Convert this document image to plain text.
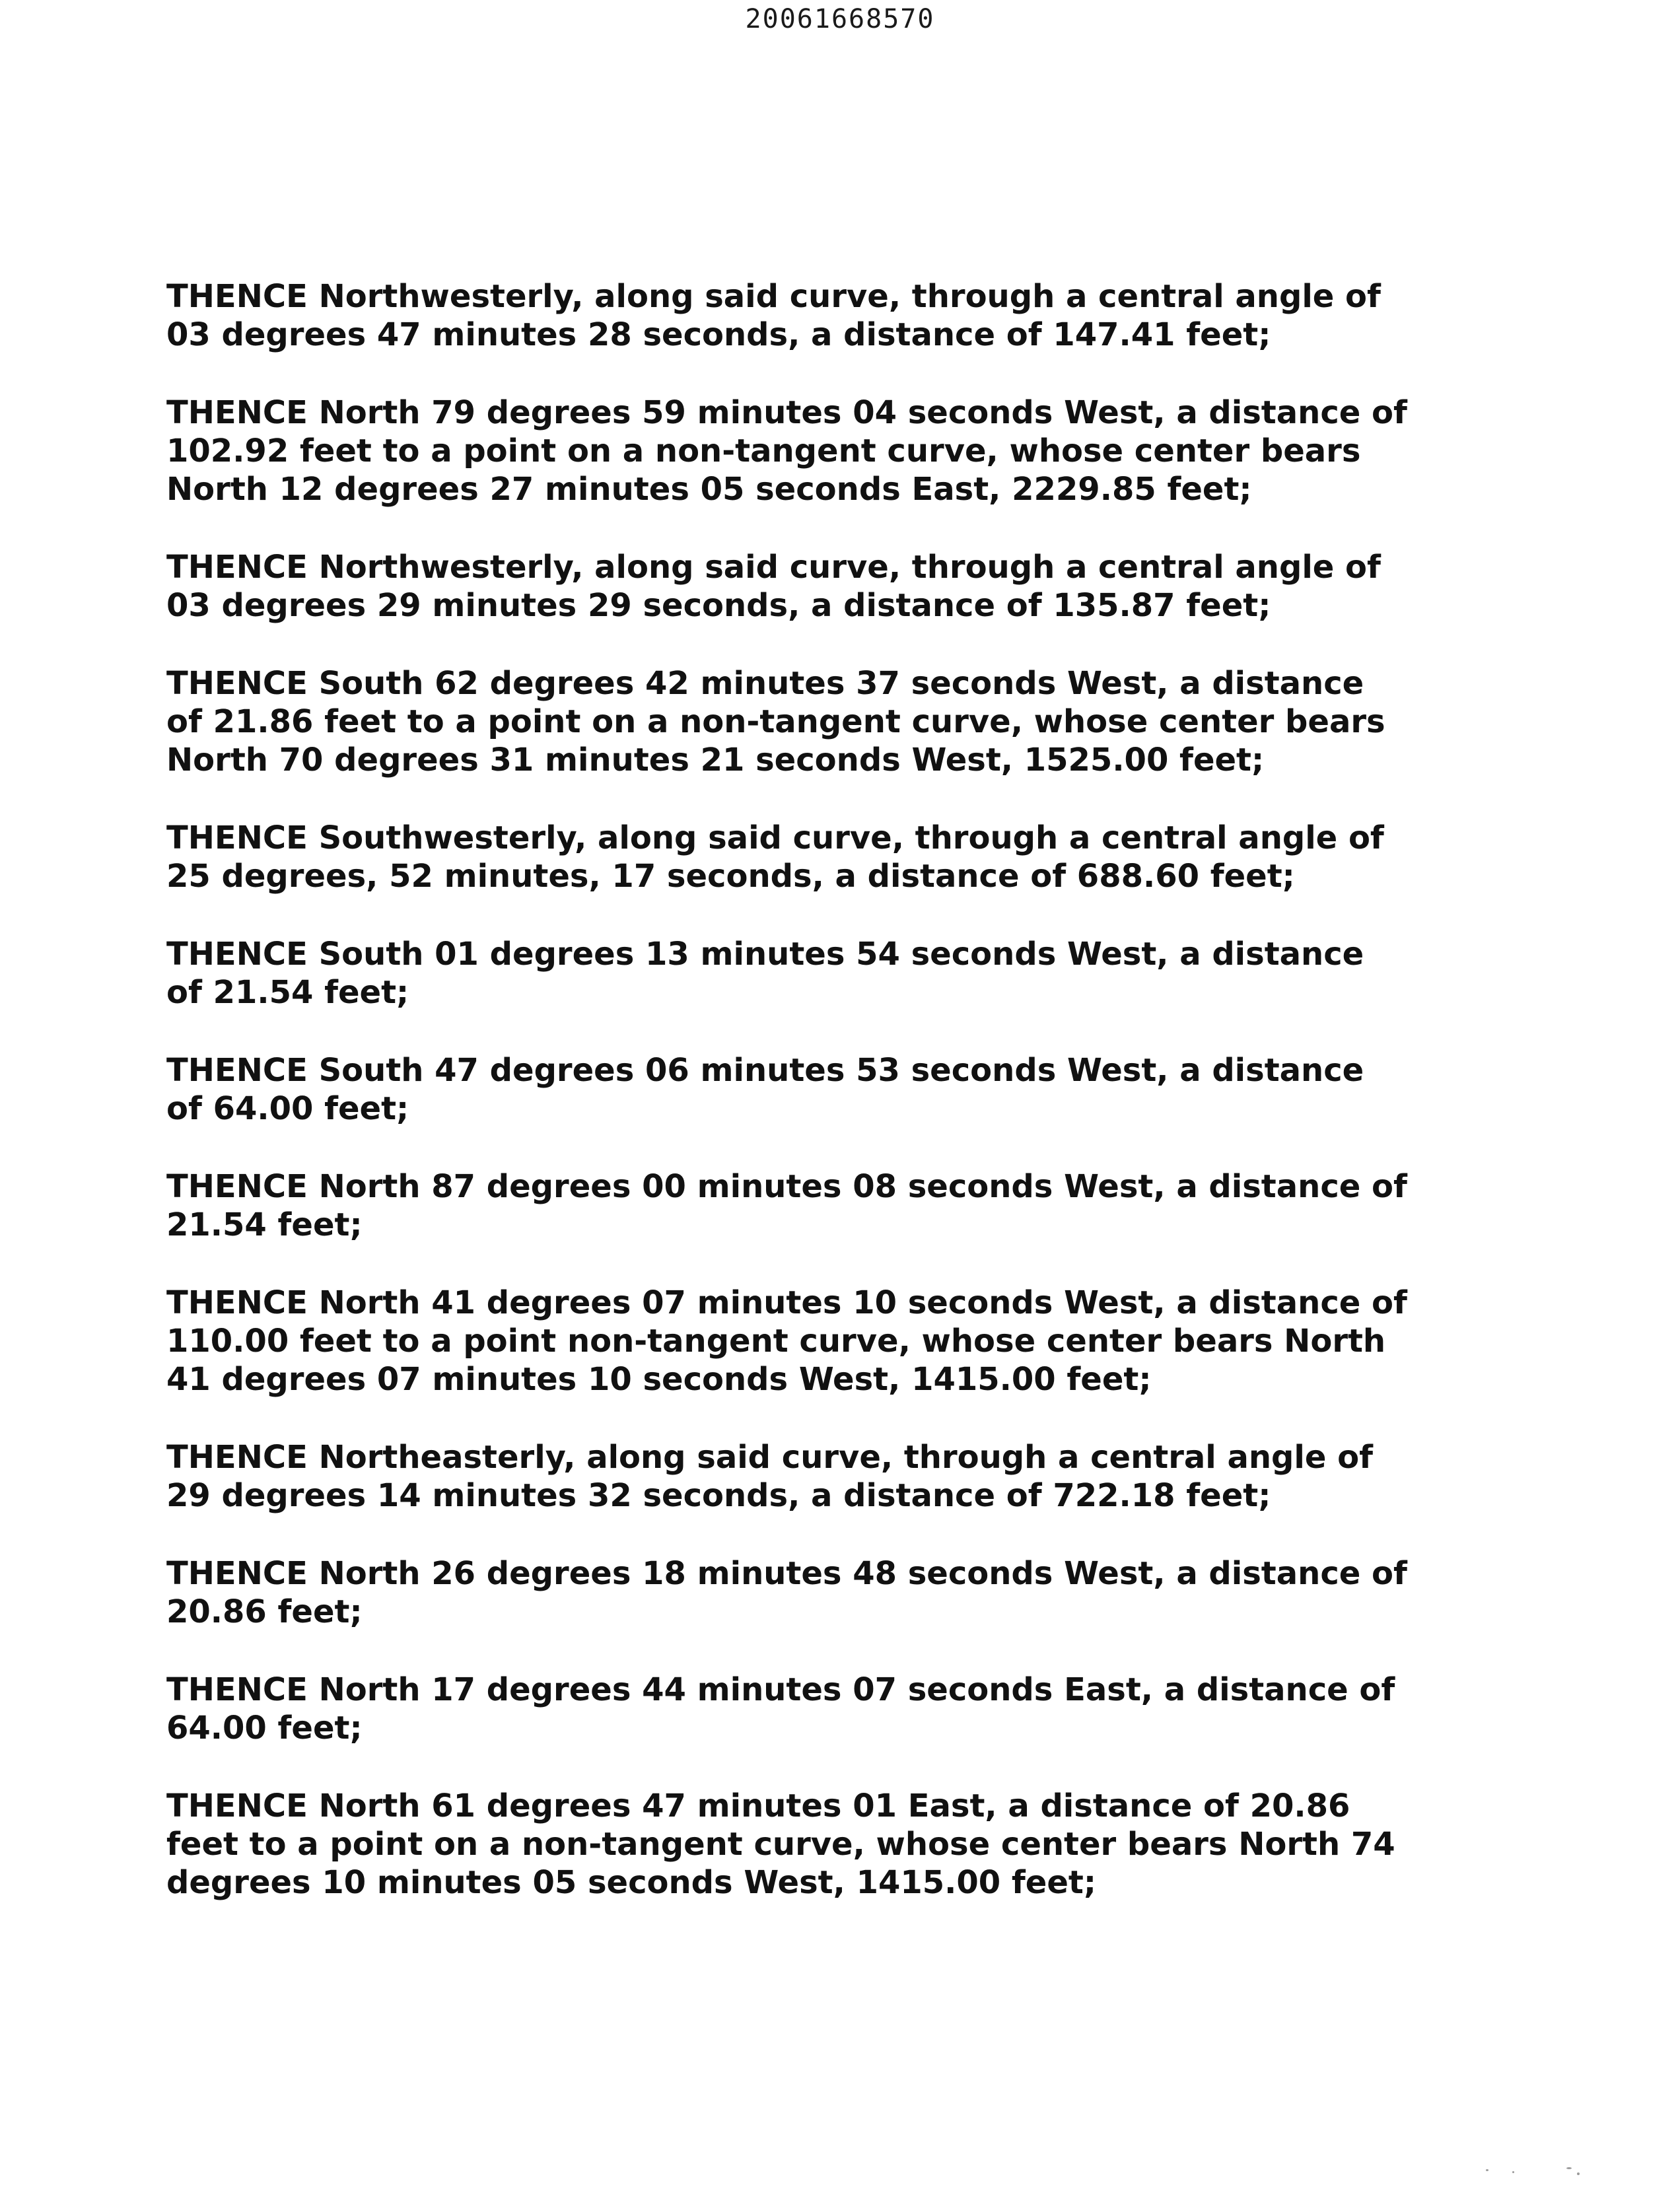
20061668570

THENCE Northwesterly, along said curve, through a central angle of
03 degrees 47 minutes 28 seconds, a distance of 147.41 feet;

THENCE North 79 degrees 59 minutes 04 seconds West, a distance of
102.92 feet to a point on a non-tangent curve, whose center bears
North 12 degrees 27 minutes 05 seconds East, 2229.85 feet;

THENCE Northwesterly, along said curve, through a central angle of
03 degrees 29 minutes 29 seconds, a distance of 135.87 feet;

THENCE South 62 degrees 42 minutes 37 seconds West, a distance
of 21.86 feet to a point on a non-tangent curve, whose center bears
North 70 degrees 31 minutes 21 seconds West, 1525.00 feet;

THENCE Southwesterly, along said curve, through a central angle of
25 degrees, 52 minutes, 17 seconds, a distance of 688.60 feet;

THENCE South 01 degrees 13 minutes 54 seconds West, a distance
of 21.54 feet;

THENCE South 47 degrees 06 minutes 53 seconds West, a distance
of 64.00 feet;

THENCE North 87 degrees 00 minutes 08 seconds West, a distance of
21.54 feet;

THENCE North 41 degrees 07 minutes 10 seconds West, a distance of
110.00 feet to a point non-tangent curve, whose center bears North
41 degrees 07 minutes 10 seconds West, 1415.00 feet;

THENCE Northeasterly, along said curve, through a central angle of
29 degrees 14 minutes 32 seconds, a distance of 722.18 feet;

THENCE North 26 degrees 18 minutes 48 seconds West, a distance of
20.86 feet;

THENCE North 17 degrees 44 minutes 07 seconds East, a distance of
64.00 feet;

THENCE North 61 degrees 47 minutes 01 East, a distance of 20.86
feet to a point on a non-tangent curve, whose center bears North 74
degrees 10 minutes 05 seconds West, 1415.00 feet;
